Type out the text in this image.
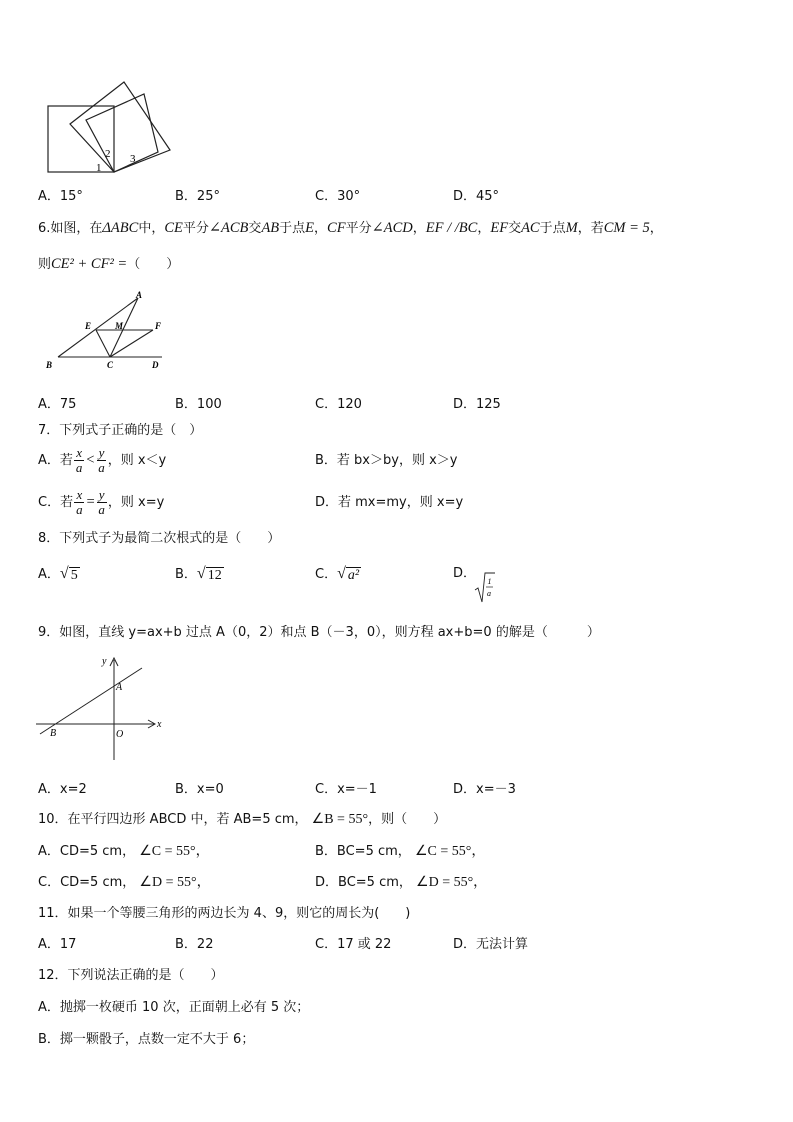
1
2 3
A．15°	B．25°	C．30°	D．45°
6.如图，在ΔABC中，CE平分∠ACB交AB于点E，CF平分∠ACD，EF / /BC，EF交AC于点M，若CM = 5，
则CE² + CF² =（　　）
A
E	M	F
B	C	D
A．75	B．100	C．120	D．125
7．下列式子正确的是（　）
A．若 $\frac{x}{a} < \frac{y}{a}$ ，则 x＜y	B．若 bx＞by，则 x＞y
C．若 $\frac{x}{a} = \frac{y}{a}$ ，则 x=y	D．若 mx=my，则 x=y
8．下列式子为最简二次根式的是（　　）
A． √ 5	B． √ 12	C． √ a²	D．
1
a
9．如图，直线 y=ax+b 过点 A（0，2）和点 B（－3，0），则方程 ax+b=0 的解是（　　　）
y
x
A
B	O
A．x=2	B．x=0	C．x=－1	D．x=－3
10．在平行四边形 ABCD 中，若 AB=5 cm， ∠B = 55°，则（　　）
A．CD=5 cm， ∠C = 55°，	B．BC=5 cm， ∠C = 55°，
C．CD=5 cm， ∠D = 55°，	D．BC=5 cm， ∠D = 55°，
11．如果一个等腰三角形的两边长为 4、9，则它的周长为(　　)
A．17	B．22	C．17 或 22	D．无法计算
12．下列说法正确的是（　　）
A．抛掷一枚硬币 10 次，正面朝上必有 5 次；
B．掷一颗骰子，点数一定不大于 6；
